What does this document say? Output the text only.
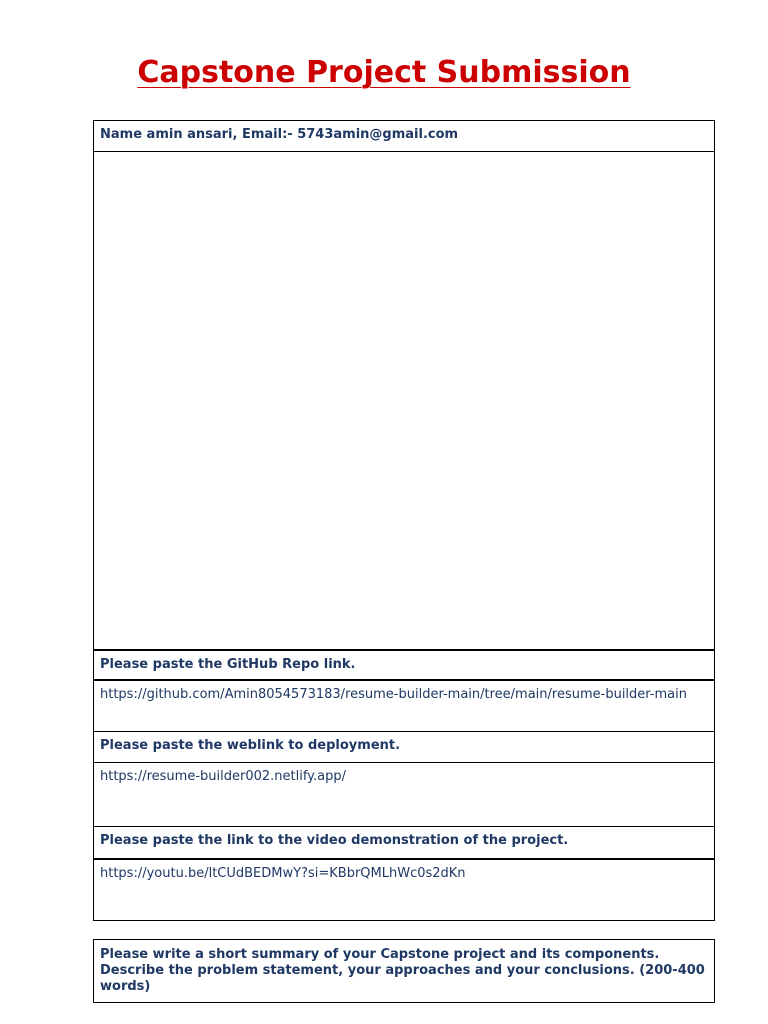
Capstone Project Submission
Name amin ansari, Email:- 5743amin@gmail.com
Please paste the GitHub Repo link.
https://github.com/Amin8054573183/resume-builder-main/tree/main/resume-builder-main
Please paste the weblink to deployment.
https://resume-builder002.netlify.app/
Please paste the link to the video demonstration of the project.
https://youtu.be/ltCUdBEDMwY?si=KBbrQMLhWc0s2dKn
Please write a short summary of your Capstone project and its components. Describe the problem statement, your approaches and your conclusions. (200-400 words)
